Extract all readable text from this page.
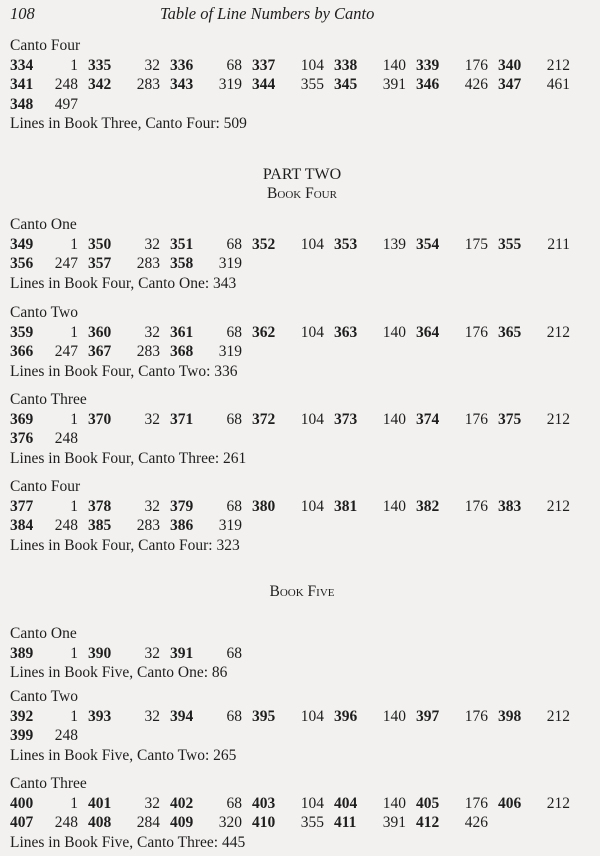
108	Table of Line Numbers by Canto
Canto Four
334	1 335	32 336	68 337	104 338	140 339	176 340	212
341	248 342	283 343	319 344	355 345	391 346	426 347	461
348	497
Lines in Book Three, Canto Four: 509
PART TWO
Book Four
Canto One
349	1 350	32 351	68 352	104 353	139 354	175 355	211
356	247 357	283 358	319
Lines in Book Four, Canto One: 343
Canto Two
359	1 360	32 361	68 362	104 363	140 364	176 365	212
366	247 367	283 368	319
Lines in Book Four, Canto Two: 336
Canto Three
369	1 370	32 371	68 372	104 373	140 374	176 375	212
376	248
Lines in Book Four, Canto Three: 261
Canto Four
377	1 378	32 379	68 380	104 381	140 382	176 383	212
384	248 385	283 386	319
Lines in Book Four, Canto Four: 323
Book Five
Canto One
389	1 390	32 391	68
Lines in Book Five, Canto One: 86
Canto Two
392	1 393	32 394	68 395	104 396	140 397	176 398	212
399	248
Lines in Book Five, Canto Two: 265
Canto Three
400	1 401	32 402	68 403	104 404	140 405	176 406	212
407	248 408	284 409	320 410	355 411	391 412	426
Lines in Book Five, Canto Three: 445
